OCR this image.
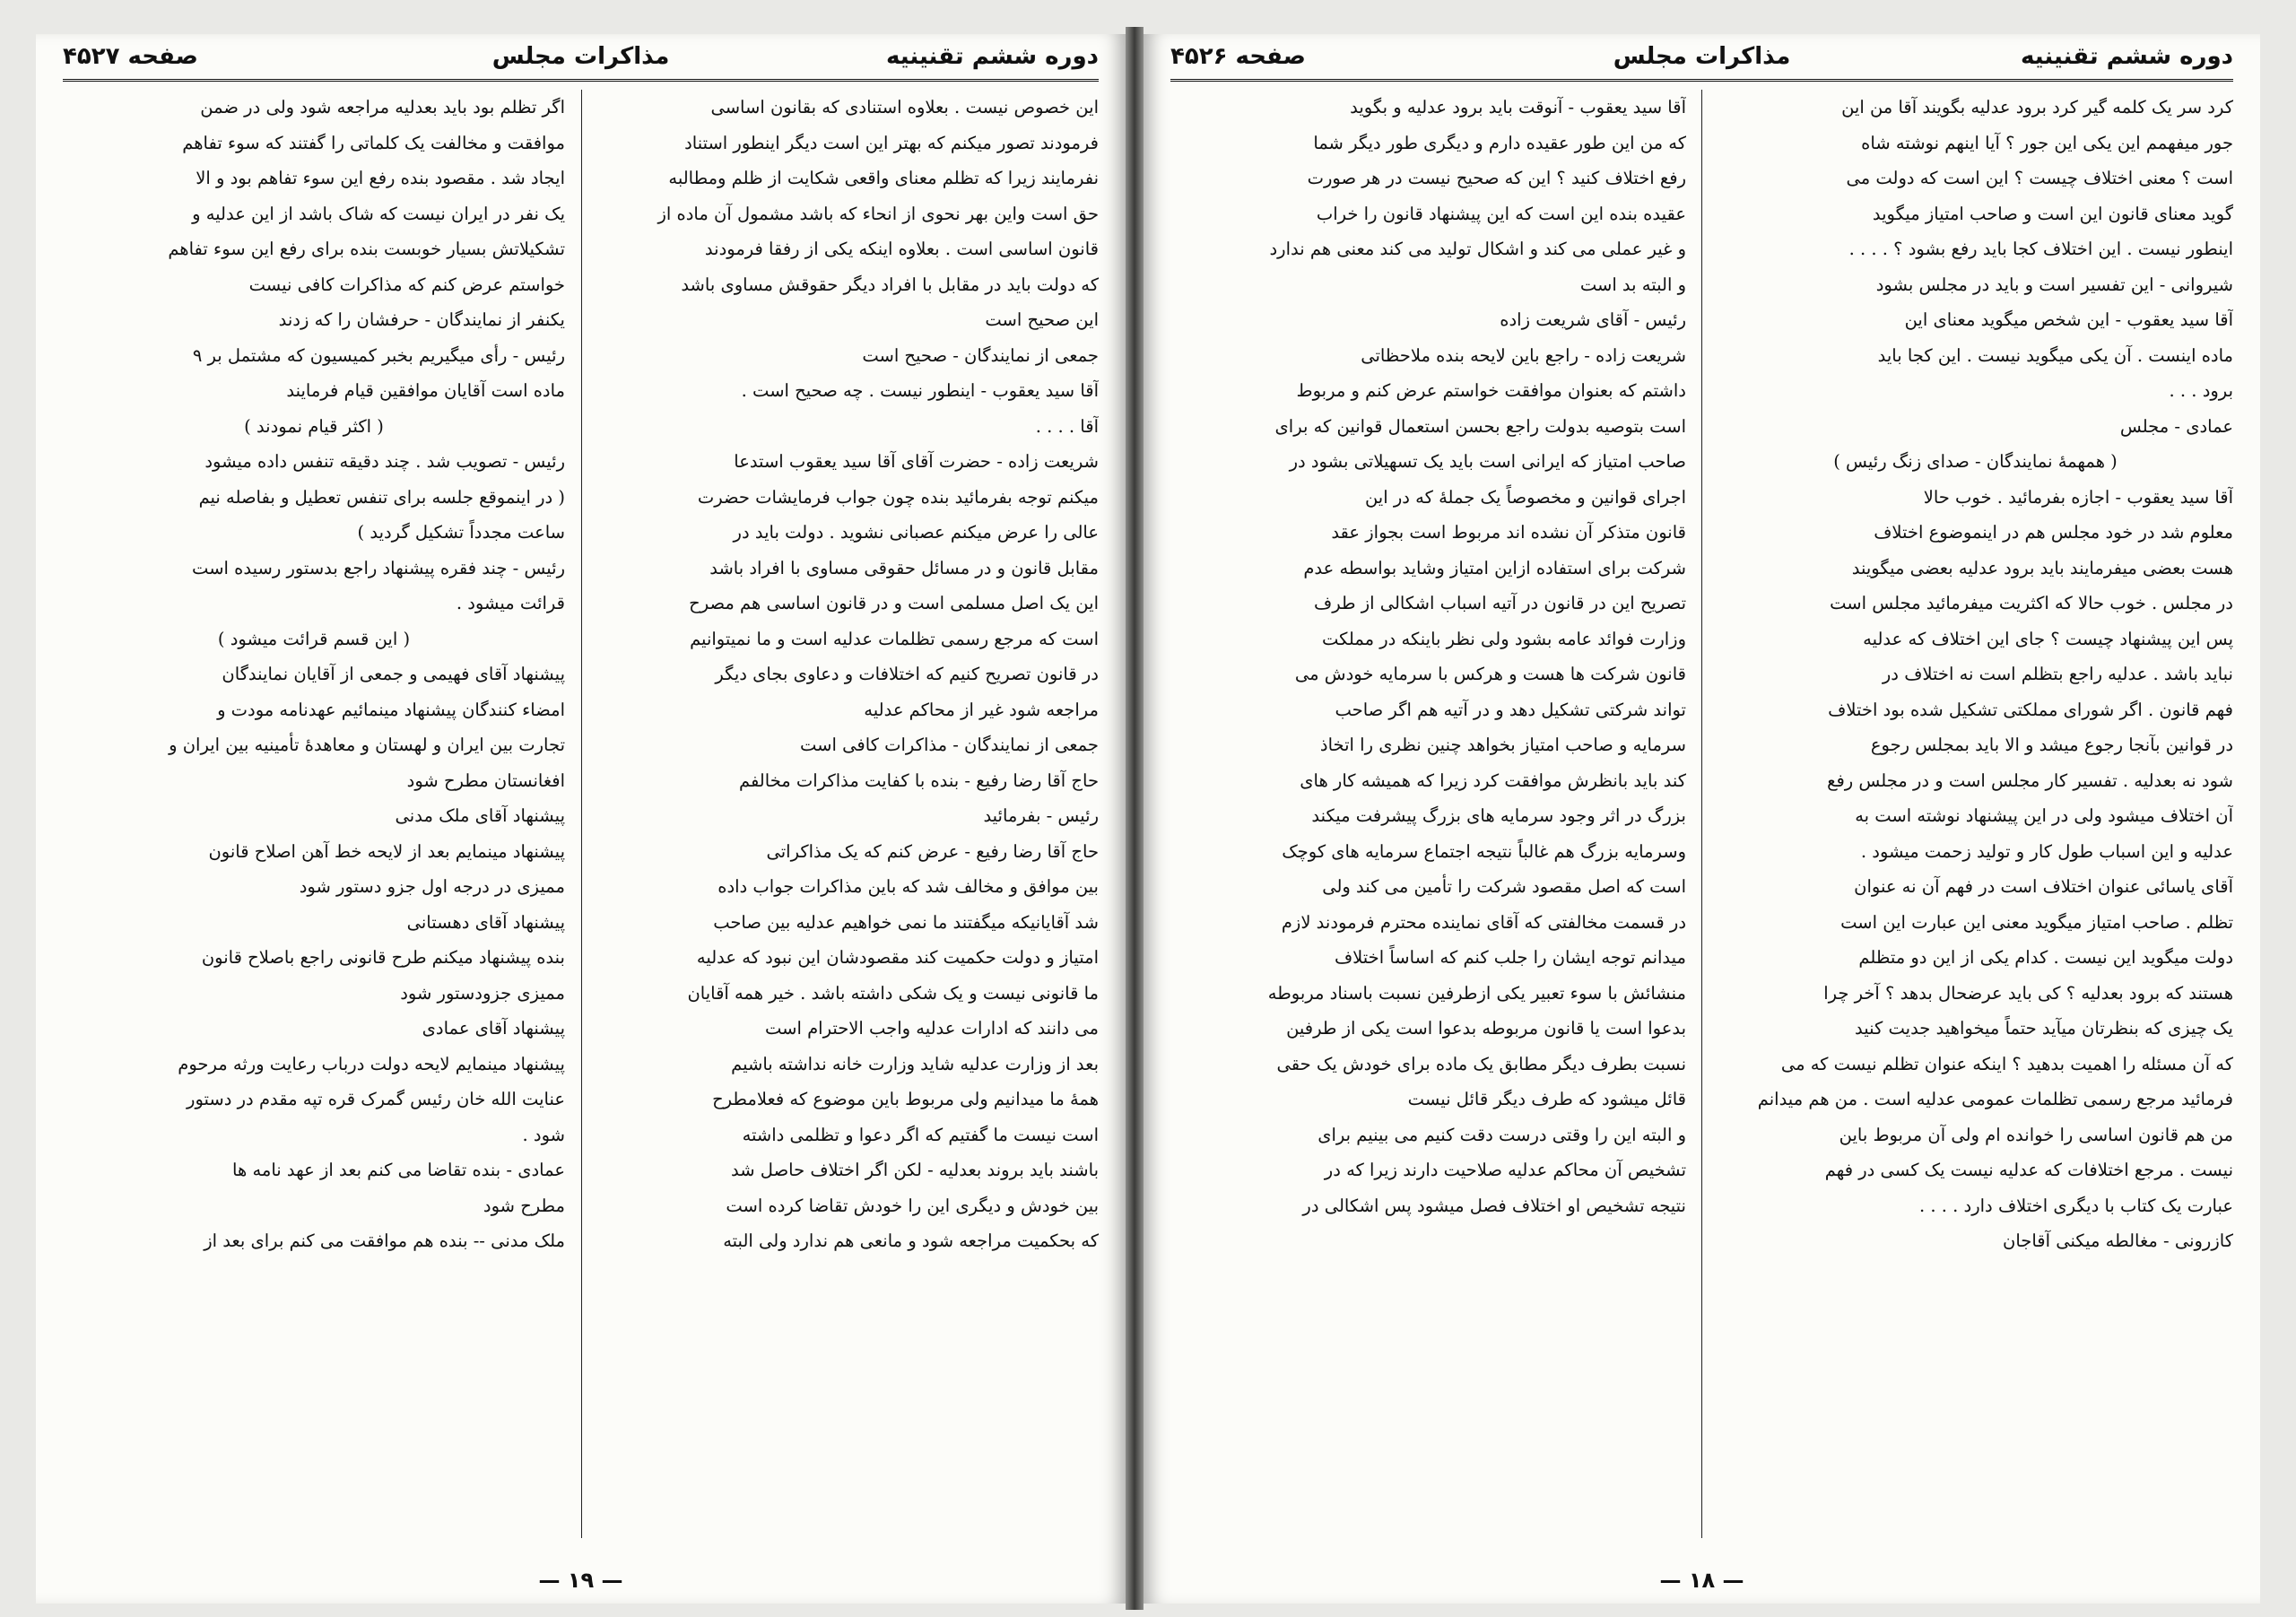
دوره ششم تقنینیه
مذاکرات مجلس
صفحه ۴۵۲۷

این خصوص نیست . بعلاوه استنادی که بقانون اساسی

فرمودند تصور میکنم که بهتر این است دیگر اینطور استناد

نفرمایند زیرا که تظلم معنای واقعی شکایت از ظلم ومطالبه

حق است واین بهر نحوی از انحاء که باشد مشمول آن ماده از

قانون اساسی است . بعلاوه اینکه یکی از رفقا فرمودند

که دولت باید در مقابل با افراد دیگر حقوقش مساوی باشد

این صحیح است

جمعی از نمایندگان - صحیح است

آقا سید یعقوب - اینطور نیست . چه صحیح است .

آقا . . . .

شریعت زاده - حضرت آقای آقا سید یعقوب استدعا

میکنم توجه بفرمائید بنده چون جواب فرمایشات حضرت

عالی را عرض میکنم عصبانی نشوید . دولت باید در

مقابل قانون و در مسائل حقوقی مساوی با افراد باشد

این یک اصل مسلمی است و در قانون اساسی هم مصرح

است که مرجع رسمی تظلمات عدلیه است و ما نمیتوانیم

در قانون تصریح کنیم که اختلافات و دعاوی بجای دیگر

مراجعه شود غیر از محاکم عدلیه

جمعی از نمایندگان - مذاکرات کافی است

حاج آقا رضا رفیع - بنده با کفایت مذاکرات مخالفم

رئیس - بفرمائید

حاج آقا رضا رفیع - عرض کنم که یک مذاکراتی

بین موافق و مخالف شد که باین مذاکرات جواب داده

شد آقایانیکه میگفتند ما نمی خواهیم عدلیه بین صاحب

امتیاز و دولت حکمیت کند مقصودشان این نبود که عدلیه

ما قانونی نیست و یک شکی داشته باشد . خیر همه آقایان

می دانند که ادارات عدلیه واجب الاحترام است

بعد از وزارت عدلیه شاید وزارت خانه نداشته باشیم

همهٔ ما میدانیم ولی مربوط باین موضوع که فعلامطرح

است نیست ما گفتیم که اگر دعوا و تظلمی داشته

باشند باید بروند بعدلیه - لکن اگر اختلاف حاصل شد

بین خودش و دیگری این را خودش تقاضا کرده است

که بحکمیت مراجعه شود و مانعی هم ندارد ولی البته

اگر تظلم بود باید بعدلیه مراجعه شود ولی در ضمن

موافقت و مخالفت یک کلماتی را گفتند که سوء تفاهم

ایجاد شد . مقصود بنده رفع این سوء تفاهم بود و الا

یک نفر در ایران نیست که شاک باشد از این عدلیه و

تشکیلاتش بسیار خوبست بنده برای رفع این سوء تفاهم

خواستم عرض کنم که مذاکرات کافی نیست

یکنفر از نمایندگان - حرفشان را که زدند

رئیس - رأی میگیریم بخبر کمیسیون که مشتمل بر ۹

ماده است آقایان موافقین قیام فرمایند

( اکثر قیام نمودند )

رئیس - تصویب شد . چند دقیقه تنفس داده میشود

( در اینموقع جلسه برای تنفس تعطیل و بفاصله نیم

ساعت مجدداً تشکیل گردید )

رئیس - چند فقره پیشنهاد راجع بدستور رسیده است

قرائت میشود .

( این قسم قرائت میشود )

پیشنهاد آقای فهیمی و جمعی از آقایان نمایندگان

امضاء کنندگان پیشنهاد مینمائیم عهدنامه مودت و

تجارت بین ایران و لهستان و معاهدهٔ تأمینیه بین ایران و

افغانستان مطرح شود

پیشنهاد آقای ملک مدنی

پیشنهاد مینمایم بعد از لایحه خط آهن اصلاح قانون

ممیزی در درجه اول جزو دستور شود

پیشنهاد آقای دهستانی

بنده پیشنهاد میکنم طرح قانونی راجع باصلاح قانون

ممیزی جزودستور شود

پیشنهاد آقای عمادی

پیشنهاد مینمایم لایحه دولت درباب رعایت ورثه مرحوم

عنایت الله خان رئیس گمرک قره تپه مقدم در دستور

شود .

عمادی - بنده تقاضا می کنم بعد از عهد نامه ها

مطرح شود

ملک مدنی -- بنده هم موافقت می کنم برای بعد از

— ۱۹ —
دوره ششم تقنینیه
مذاکرات مجلس
صفحه ۴۵۲۶

کرد سر یک کلمه گیر کرد برود عدلیه بگویند آقا من این

جور میفهمم این یکی این جور ؟ آیا اینهم نوشته شاه

است ؟ معنی اختلاف چیست ؟ این است که دولت می

گوید معنای قانون این است و صاحب امتیاز میگوید

اینطور نیست . این اختلاف کجا باید رفع بشود ؟ . . . .

شیروانی - این تفسیر است و باید در مجلس بشود

آقا سید یعقوب - این شخص میگوید معنای این

ماده اینست . آن یکی میگوید نیست . این کجا باید

برود . . .

عمادی - مجلس

( همهمهٔ نمایندگان - صدای زنگ رئیس )

آقا سید یعقوب - اجازه بفرمائید . خوب حالا

معلوم شد در خود مجلس هم در اینموضوع اختلاف

هست بعضی میفرمایند باید برود عدلیه بعضی میگویند

در مجلس . خوب حالا که اکثریت میفرمائید مجلس است

پس این پیشنهاد چیست ؟ جای این اختلاف که عدلیه

نباید باشد . عدلیه راجع بتظلم است نه اختلاف در

فهم قانون . اگر شورای مملکتی تشکیل شده بود اختلاف

در قوانین بآنجا رجوع میشد و الا باید بمجلس رجوع

شود نه بعدلیه . تفسیر کار مجلس است و در مجلس رفع

آن اختلاف میشود ولی در این پیشنهاد نوشته است به

عدلیه و این اسباب طول کار و تولید زحمت میشود .

آقای یاسائی عنوان اختلاف است در فهم آن نه عنوان

تظلم . صاحب امتیاز میگوید معنی این عبارت این است

دولت میگوید این نیست . کدام یکی از این دو متظلم

هستند که برود بعدلیه ؟ کی باید عرضحال بدهد ؟ آخر چرا

یک چیزی که بنظرتان میآید حتماً میخواهید جدیت کنید

که آن مسئله را اهمیت بدهید ؟ اینکه عنوان تظلم نیست که می

فرمائید مرجع رسمی تظلمات عمومی عدلیه است . من هم میدانم

من هم قانون اساسی را خوانده ام ولی آن مربوط باین

نیست . مرجع اختلافات که عدلیه نیست یک کسی در فهم

عبارت یک کتاب با دیگری اختلاف دارد . . . .

کازرونی - مغالطه میکنی آقاجان

آقا سید یعقوب - آنوقت باید برود عدلیه و بگوید

که من این طور عقیده دارم و دیگری طور دیگر شما

رفع اختلاف کنید ؟ این که صحیح نیست در هر صورت

عقیده بنده این است که این پیشنهاد قانون را خراب

و غیر عملی می کند و اشکال تولید می کند معنی هم ندارد

و البته بد است

رئیس - آقای شریعت زاده

شریعت زاده - راجع باین لایحه بنده ملاحظاتی

داشتم که بعنوان موافقت خواستم عرض کنم و مربوط

است بتوصیه بدولت راجع بحسن استعمال قوانین که برای

صاحب امتیاز که ایرانی است باید یک تسهیلاتی بشود در

اجرای قوانین و مخصوصاً یک جملهٔ که در این

قانون متذکر آن نشده اند مربوط است بجواز عقد

شرکت برای استفاده ازاین امتیاز وشاید بواسطه عدم

تصریح این در قانون در آتیه اسباب اشکالی از طرف

وزارت فوائد عامه بشود ولی نظر باینکه در مملکت

قانون شرکت ها هست و هرکس با سرمایه خودش می

تواند شرکتی تشکیل دهد و در آتیه هم اگر صاحب

سرمایه و صاحب امتیاز بخواهد چنین نظری را اتخاذ

کند باید بانظرش موافقت کرد زیرا که همیشه کار های

بزرگ در اثر وجود سرمایه های بزرگ پیشرفت میکند

وسرمایه بزرگ هم غالباً نتیجه اجتماع سرمایه های کوچک

است که اصل مقصود شرکت را تأمین می کند ولی

در قسمت مخالفتی که آقای نماینده محترم فرمودند لازم

میدانم توجه ایشان را جلب کنم که اساساً اختلاف

منشائش با سوء تعبیر یکی ازطرفین نسبت باسناد مربوطه

بدعوا است یا قانون مربوطه بدعوا است یکی از طرفین

نسبت بطرف دیگر مطابق یک ماده برای خودش یک حقی

قائل میشود که طرف دیگر قائل نیست

و البته این را وقتی درست دقت کنیم می بینیم برای

تشخیص آن محاکم عدلیه صلاحیت دارند زیرا که در

نتیجه تشخیص او اختلاف فصل میشود پس اشکالی در

— ۱۸ —
